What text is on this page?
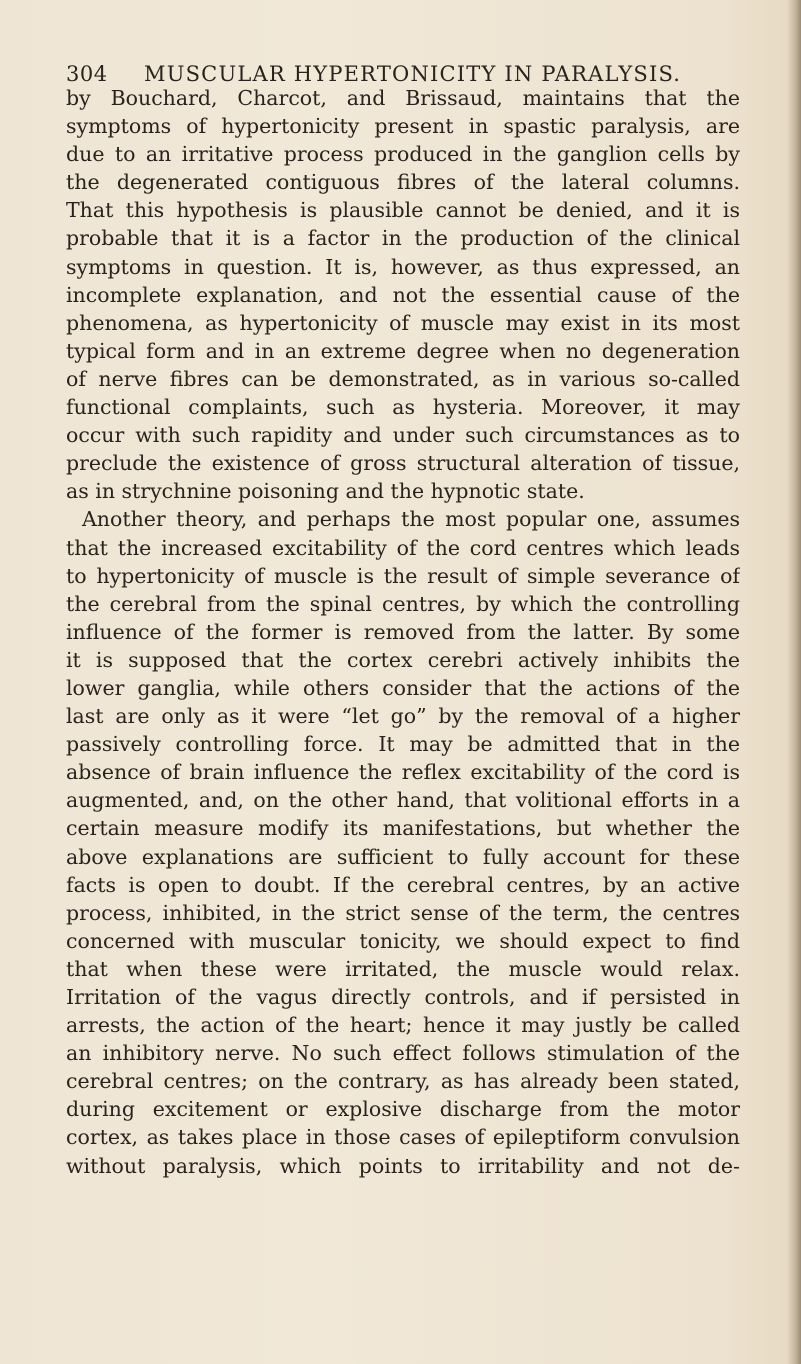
304 MUSCULAR HYPERTONICITY IN PARALYSIS.
by Bouchard, Charcot, and Brissaud, maintains that the
symptoms of hypertonicity present in spastic paralysis, are
due to an irritative process produced in the ganglion cells by
the degenerated contiguous fibres of the lateral columns.
That this hypothesis is plausible cannot be denied, and it is
probable that it is a factor in the production of the clinical
symptoms in question. It is, however, as thus expressed, an
incomplete explanation, and not the essential cause of the
phenomena, as hypertonicity of muscle may exist in its most
typical form and in an extreme degree when no degeneration
of nerve fibres can be demonstrated, as in various so-called
functional complaints, such as hysteria. Moreover, it may
occur with such rapidity and under such circumstances as to
preclude the existence of gross structural alteration of tissue,
as in strychnine poisoning and the hypnotic state.
Another theory, and perhaps the most popular one, assumes
that the increased excitability of the cord centres which leads
to hypertonicity of muscle is the result of simple severance of
the cerebral from the spinal centres, by which the controlling
influence of the former is removed from the latter. By some
it is supposed that the cortex cerebri actively inhibits the
lower ganglia, while others consider that the actions of the
last are only as it were “let go” by the removal of a higher
passively controlling force. It may be admitted that in the
absence of brain influence the reflex excitability of the cord is
augmented, and, on the other hand, that volitional efforts in a
certain measure modify its manifestations, but whether the
above explanations are sufficient to fully account for these
facts is open to doubt. If the cerebral centres, by an active
process, inhibited, in the strict sense of the term, the centres
concerned with muscular tonicity, we should expect to find
that when these were irritated, the muscle would relax.
Irritation of the vagus directly controls, and if persisted in
arrests, the action of the heart; hence it may justly be called
an inhibitory nerve. No such effect follows stimulation of the
cerebral centres; on the contrary, as has already been stated,
during excitement or explosive discharge from the motor
cortex, as takes place in those cases of epileptiform convulsion
without paralysis, which points to irritability and not de-
